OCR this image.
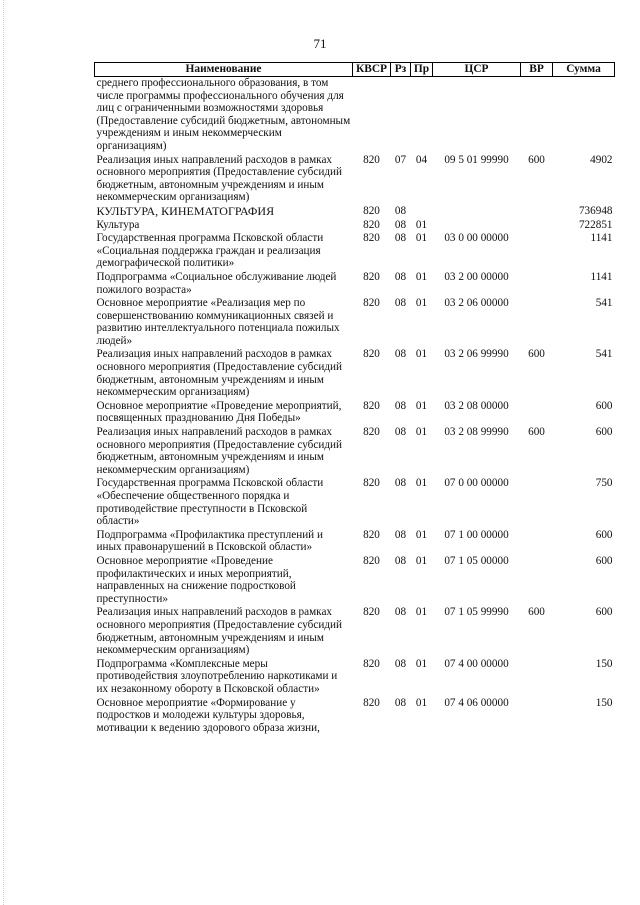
71
Наименование	КВСР	Рз	Пр	ЦСР	ВР	Сумма
среднего профессионального образования, в том числе программы профессионального обучения для лиц с ограниченными возможностями здоровья (Предоставление субсидий бюджетным, автономным учреждениям и иным некоммерческим организациям)						
Реализация иных направлений расходов в рамках основного мероприятия (Предоставление субсидий бюджетным, автономным учреждениям и иным некоммерческим организациям)	820	07	04	09 5 01 99990	600	4902
КУЛЬТУРА, КИНЕМАТОГРАФИЯ	820	08				736948
Культура	820	08	01			722851
Государственная программа Псковской области «Социальная поддержка граждан и реализация демографической политики»	820	08	01	03 0 00 00000		1141
Подпрограмма «Социальное обслуживание людей пожилого возраста»	820	08	01	03 2 00 00000		1141
Основное мероприятие «Реализация мер по совершенствованию коммуникационных связей и развитию интеллектуального потенциала пожилых людей»	820	08	01	03 2 06 00000		541
Реализация иных направлений расходов в рамках основного мероприятия (Предоставление субсидий бюджетным, автономным учреждениям и иным некоммерческим организациям)	820	08	01	03 2 06 99990	600	541
Основное мероприятие «Проведение мероприятий, посвященных празднованию Дня Победы»	820	08	01	03 2 08 00000		600
Реализация иных направлений расходов в рамках основного мероприятия (Предоставление субсидий бюджетным, автономным учреждениям и иным некоммерческим организациям)	820	08	01	03 2 08 99990	600	600
Государственная программа Псковской области «Обеспечение общественного порядка и противодействие преступности в Псковской области»	820	08	01	07 0 00 00000		750
Подпрограмма «Профилактика преступлений и иных правонарушений в Псковской области»	820	08	01	07 1 00 00000		600
Основное мероприятие «Проведение профилактических и иных мероприятий, направленных на снижение подростковой преступности»	820	08	01	07 1 05 00000		600
Реализация иных направлений расходов в рамках основного мероприятия (Предоставление субсидий бюджетным, автономным учреждениям и иным некоммерческим организациям)	820	08	01	07 1 05 99990	600	600
Подпрограмма «Комплексные меры противодействия злоупотреблению наркотиками и их незаконному обороту в Псковской области»	820	08	01	07 4 00 00000		150
Основное мероприятие «Формирование у подростков и молодежи культуры здоровья, мотивации к ведению здорового образа жизни,	820	08	01	07 4 06 00000		150
